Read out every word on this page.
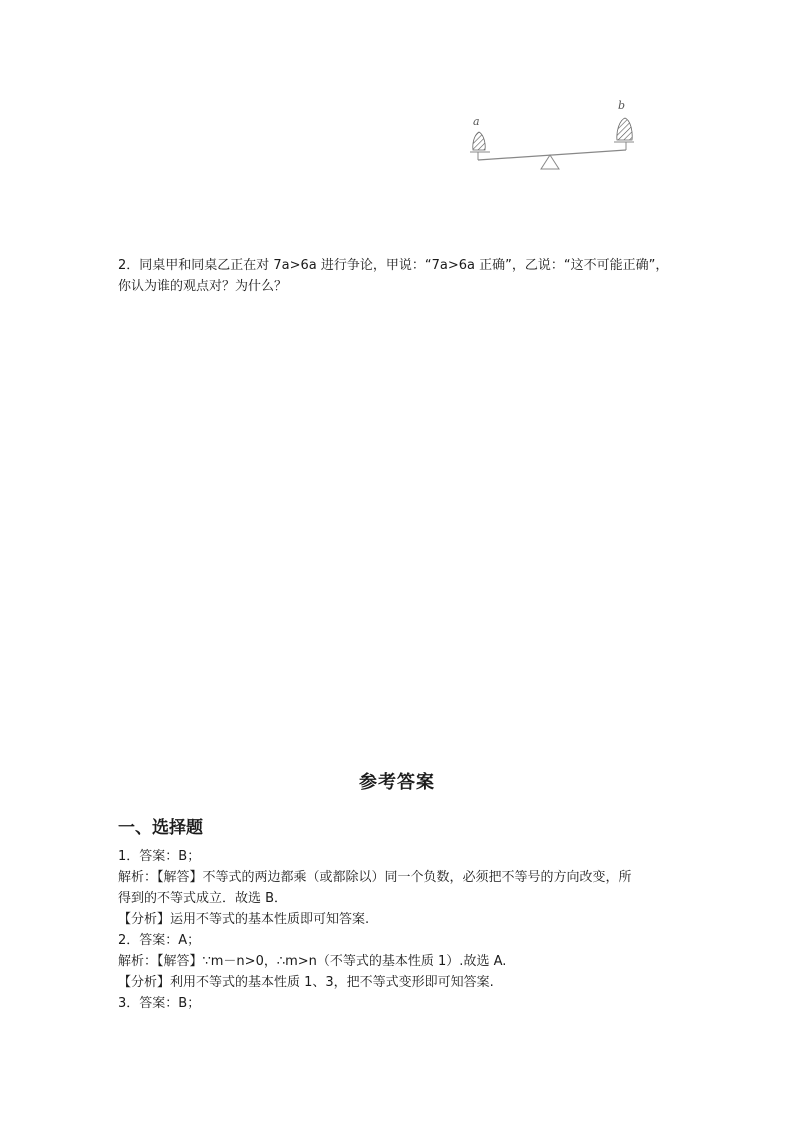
a
b
2．同桌甲和同桌乙正在对 7a>6a 进行争论，甲说：“7a>6a 正确”，乙说：“这不可能正确”，
你认为谁的观点对？为什么？
参考答案
一、选择题

1．答案：B；

解析：【解答】不等式的两边都乘（或都除以）同一个负数，必须把不等号的方向改变，所

得到的不等式成立．故选 B．

【分析】运用不等式的基本性质即可知答案.

2．答案：A；

解析：【解答】∵m－n>0，∴m>n（不等式的基本性质 1）.故选 A.

【分析】利用不等式的基本性质 1、3，把不等式变形即可知答案.

3．答案：B；
